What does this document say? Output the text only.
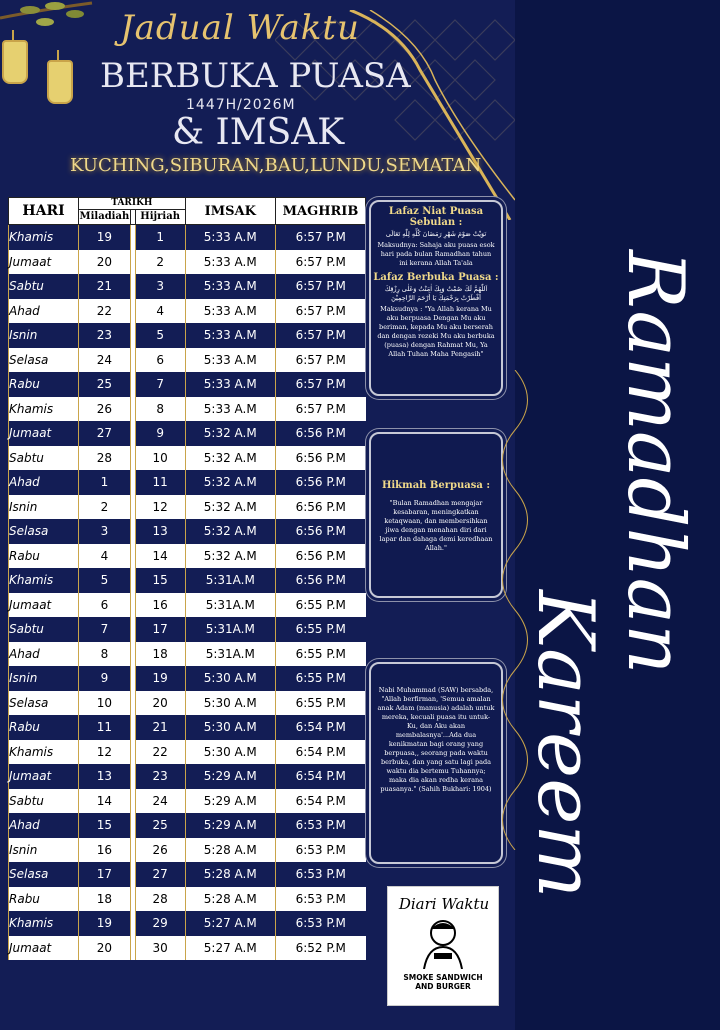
Jadual Waktu
BERBUKA PUASA
1447H/2026M
& IMSAK
KUCHING,SIBURAN,BAU,LUNDU,SEMATAN
HARI	TARIKH			IMSAK	MAGHRIB
	Miladiah		Hijriah		
Khamis	19		1	5:33 A.M	6:57 P.M
Jumaat	20		2	5:33 A.M	6:57 P.M
Sabtu	21		3	5:33 A.M	6:57 P.M
Ahad	22		4	5:33 A.M	6:57 P.M
Isnin	23		5	5:33 A.M	6:57 P.M
Selasa	24		6	5:33 A.M	6:57 P.M
Rabu	25		7	5:33 A.M	6:57 P.M
Khamis	26		8	5:33 A.M	6:57 P.M
Jumaat	27		9	5:32 A.M	6:56 P.M
Sabtu	28		10	5:32 A.M	6:56 P.M
Ahad	1		11	5:32 A.M	6:56 P.M
Isnin	2		12	5:32 A.M	6:56 P.M
Selasa	3		13	5:32 A.M	6:56 P.M
Rabu	4		14	5:32 A.M	6:56 P.M
Khamis	5		15	5:31A.M	6:56 P.M
Jumaat	6		16	5:31A.M	6:55 P.M
Sabtu	7		17	5:31A.M	6:55 P.M
Ahad	8		18	5:31A.M	6:55 P.M
Isnin	9		19	5:30 A.M	6:55 P.M
Selasa	10		20	5:30 A.M	6:55 P.M
Rabu	11		21	5:30 A.M	6:54 P.M
Khamis	12		22	5:30 A.M	6:54 P.M
Jumaat	13		23	5:29 A.M	6:54 P.M
Sabtu	14		24	5:29 A.M	6:54 P.M
Ahad	15		25	5:29 A.M	6:53 P.M
Isnin	16		26	5:28 A.M	6:53 P.M
Selasa	17		27	5:28 A.M	6:53 P.M
Rabu	18		28	5:28 A.M	6:53 P.M
Khamis	19		29	5:27 A.M	6:53 P.M
Jumaat	20		30	5:27 A.M	6:52 P.M
Lafaz Niat Puasa Sebulan :

نَوَيْتُ صَوْمَ شَهْرِ رَمَضَانَ كُلِّهِ لِلّٰهِ تَعَالَى

Maksudnya: Sahaja aku puasa esok hari pada bulan Ramadhan tahun ini kerana Allah Ta'ala

Lafaz Berbuka Puasa :

اَللّٰهُمَّ لَكَ صُمْتُ وَبِكَ اٰمَنْتُ وَعَلٰى رِزْقِكَ أَفْطَرْتُ بِرَحْمَتِكَ يَا أَرْحَمَ الرَّاحِمِيْنَ

Maksudnya : "Ya Allah kerana Mu aku berpuasa Dengan Mu aku beriman, kepada Mu aku berserah dan dengan rezeki Mu aku berbuka (puasa) dengan Rahmat Mu, Ya Allah Tuhan Maha Pengasih"

Hikmah Berpuasa :

"Bulan Ramadhan mengajar kesabaran, meningkatkan ketaqwaan, dan membersihkan jiwa dengan menahan diri dari lapar dan dahaga demi keredhaan Allah."

Nabi Muhammad (SAW) bersabda, "Allah berfirman, 'Semua amalan anak Adam (manusia) adalah untuk mereka, kecuali puasa itu untuk-Ku, dan Aku akan membalasnya'...Ada dua kenikmatan bagi orang yang berpuasa,, seorang pada waktu berbuka, dan yang satu lagi pada waktu dia bertemu Tuhannya; maka dia akan redha kerana puasanya." (Sahih Bukhari: 1904)

Diari Waktu
SMOKE SANDWICH
AND BURGER
Ramadhan
Kareem
